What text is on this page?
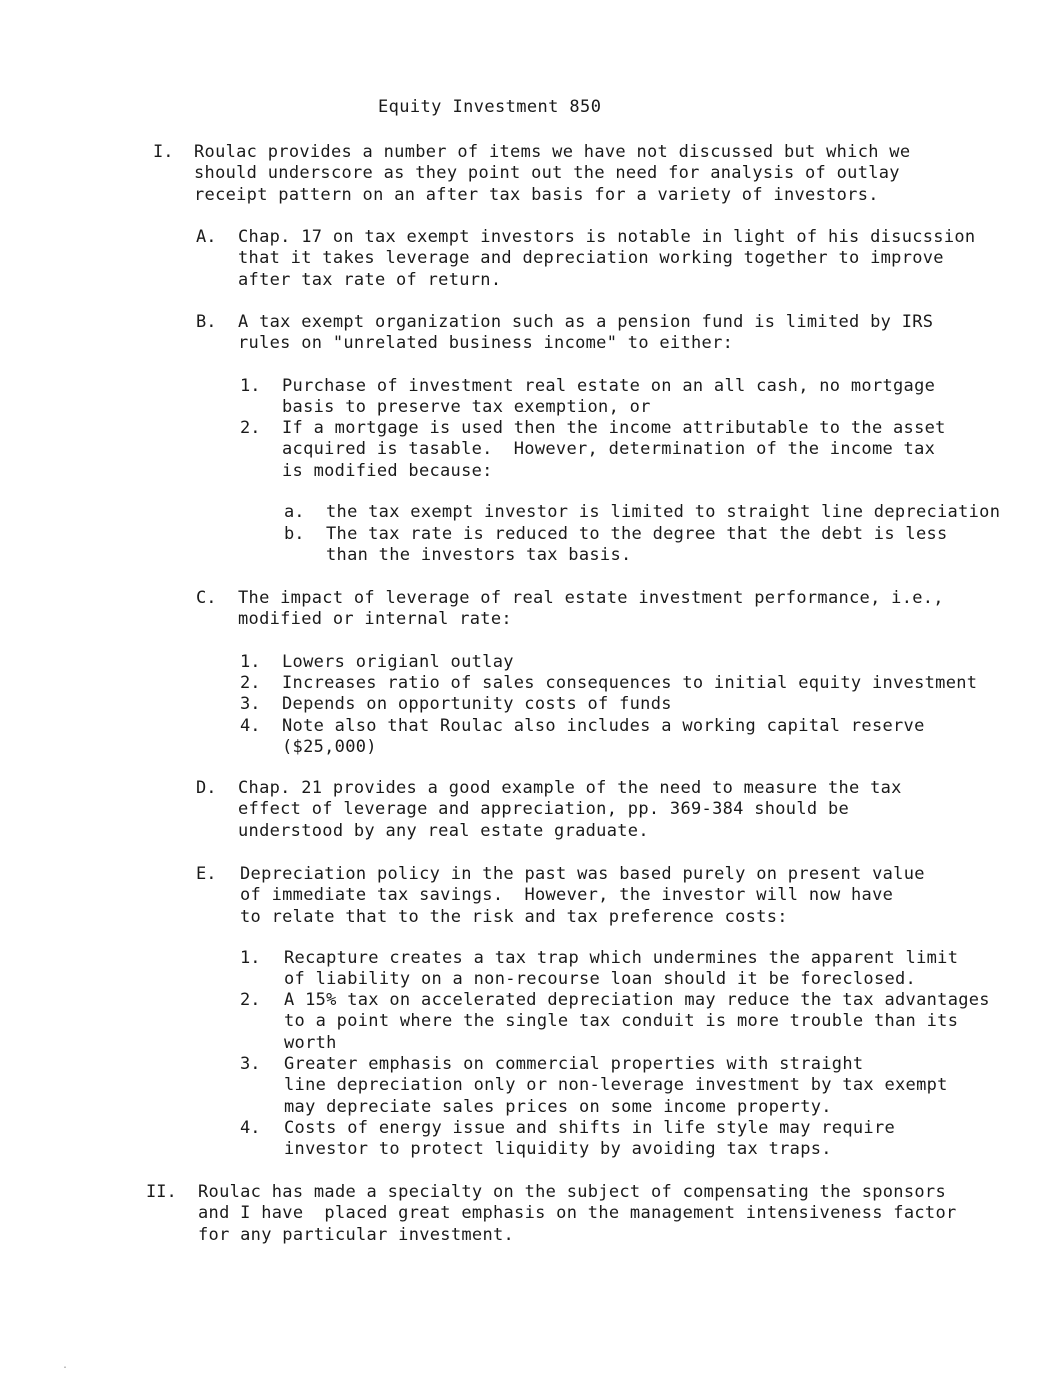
Equity Investment 850
I. Roulac provides a number of items we have not discussed but which we
should underscore as they point out the need for analysis of outlay
receipt pattern on an after tax basis for a variety of investors.
A. Chap. 17 on tax exempt investors is notable in light of his disucssion
that it takes leverage and depreciation working together to improve
after tax rate of return.
B. A tax exempt organization such as a pension fund is limited by IRS
rules on "unrelated business income" to either:
1. Purchase of investment real estate on an all cash, no mortgage
basis to preserve tax exemption, or
2. If a mortgage is used then the income attributable to the asset
acquired is tasable.  However, determination of the income tax
is modified because:
a. the tax exempt investor is limited to straight line depreciation
b. The tax rate is reduced to the degree that the debt is less
than the investors tax basis.
C. The impact of leverage of real estate investment performance, i.e.,
modified or internal rate:
1. Lowers origianl outlay
2. Increases ratio of sales consequences to initial equity investment
3. Depends on opportunity costs of funds
4. Note also that Roulac also includes a working capital reserve
($25,000)
D. Chap. 21 provides a good example of the need to measure the tax
effect of leverage and appreciation, pp. 369-384 should be
understood by any real estate graduate.
E. Depreciation policy in the past was based purely on present value
of immediate tax savings.  However, the investor will now have
to relate that to the risk and tax preference costs:
1. Recapture creates a tax trap which undermines the apparent limit
of liability on a non-recourse loan should it be foreclosed.
2. A 15% tax on accelerated depreciation may reduce the tax advantages
to a point where the single tax conduit is more trouble than its
worth
3. Greater emphasis on commercial properties with straight
line depreciation only or non-leverage investment by tax exempt
may depreciate sales prices on some income property.
4. Costs of energy issue and shifts in life style may require
investor to protect liquidity by avoiding tax traps.
II. Roulac has made a specialty on the subject of compensating the sponsors
and I have  placed great emphasis on the management intensiveness factor
for any particular investment.
.
